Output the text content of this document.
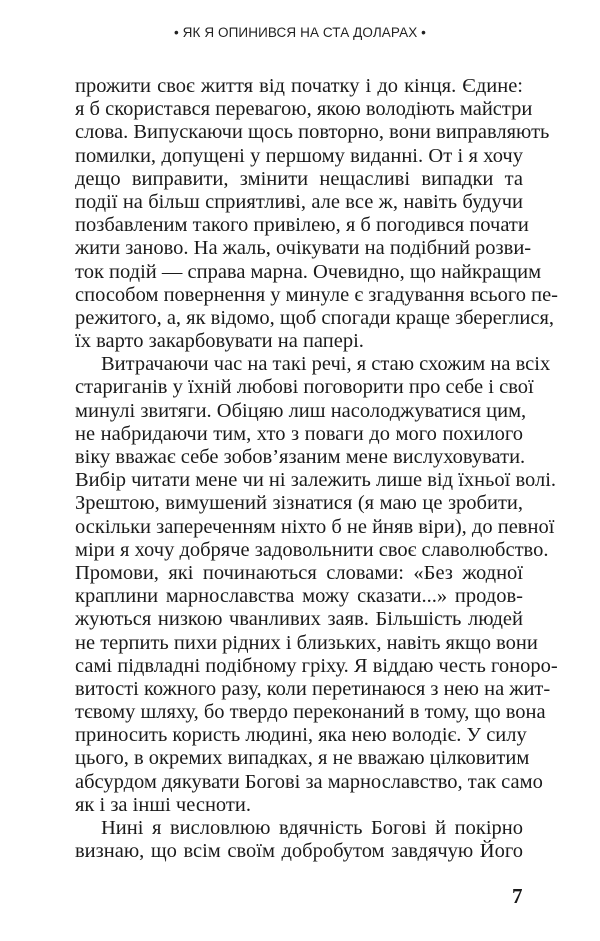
• ЯК Я ОПИНИВСЯ НА СТА ДОЛАРАХ •
прожити своє життя від початку і до кінця. Єдине:
я б скористався перевагою, якою володіють майстри
слова. Випускаючи щось повторно, вони виправляють
помилки, допущені у першому виданні. От і я хочу
дещо виправити, змінити нещасливі випадки та
події на більш сприятливі, але все ж, навіть будучи
позбавленим такого привілею, я б погодився почати
жити заново. На жаль, очікувати на подібний розви-
ток подій — справа марна. Очевидно, що найкращим
способом повернення у минуле є згадування всього пе-
режитого, а, як відомо, щоб спогади краще збереглися,
їх варто закарбовувати на папері.
Витрачаючи час на такі речі, я стаю схожим на всіх
стариганів у їхній любові поговорити про себе і свої
минулі звитяги. Обіцяю лиш насолоджуватися цим,
не набридаючи тим, хто з поваги до мого похилого
віку вважає себе зобов’язаним мене вислуховувати.
Вибір читати мене чи ні залежить лише від їхньої волі.
Зрештою, вимушений зізнатися (я маю це зробити,
оскільки запереченням ніхто б не йняв віри), до певної
міри я хочу добряче задовольнити своє славолюбство.
Промови, які починаються словами: «Без жодної
краплини марнославства можу сказати...» продов-
жуються низкою чванливих заяв. Більшість людей
не терпить пихи рідних і близьких, навіть якщо вони
самі підвладні подібному гріху. Я віддаю честь гоноро-
витості кожного разу, коли перетинаюся з нею на жит-
тєвому шляху, бо твердо переконаний в тому, що вона
приносить користь людині, яка нею володіє. У силу
цього, в окремих випадках, я не вважаю цілковитим
абсурдом дякувати Богові за марнославство, так само
як і за інші чесноти.
Нині я висловлюю вдячність Богові й покірно
визнаю, що всім своїм добробутом завдячую Його
7
